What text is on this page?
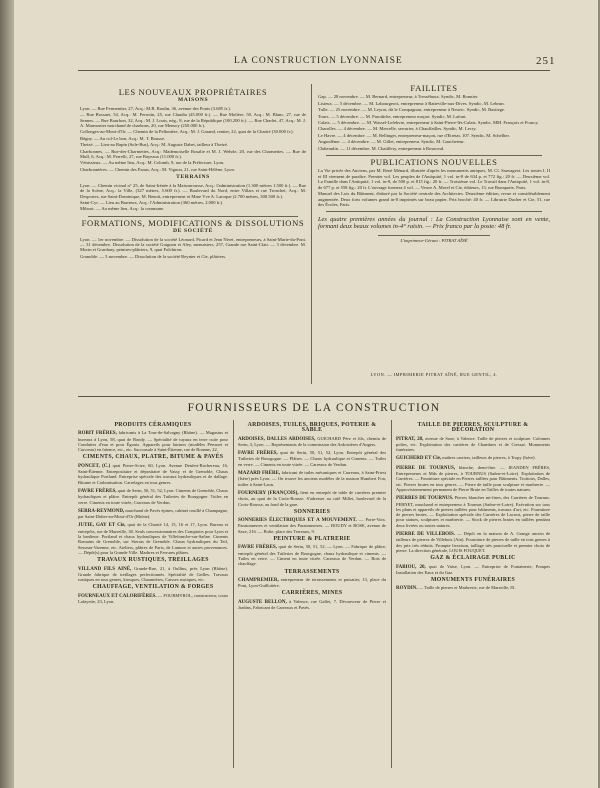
LA CONSTRUCTION LYONNAISE	251
LES NOUVEAUX PROPRIÉTAIRES
MAISONS
Lyon. — Rue Fermentier, 27, Acq.: M.B. Roulin, 36, avenue des Ponts (3.685 fr.).
— Rue Bossuet, 54, Acq.: M. Perrotin, 25, rue Claudia (45.000 fr.). — Rue Molière, 50, Acq.: M. Blanc, 27, rue de Sennes. — Rue Bourbon, 32, Acq.: M. J. Louis, nég., 8, rue de la République (100.200 fr.). — Rue Charlet, 47, Acq.: M. J. A. Marmonier marchand de charbons, 20, rue Mensoy (250.000 fr.).
Collonges-au-Mont-d'Or. — Chemin de la Pellonière, Acq.: M. J. Garand, rentier, 22, quai de la Charité (30.000 fr.).
Bégny. — Au col-Le bon, Acq.: M. T. Bousse.
Theizé. — Lieu-au Rapin (Sole-Bus), Acq.: M. Auguste Dabet, tailleur à Theizé.
Charbonnes. — Rue-des-Charmettes, Acq.: Mademoiselle Rosalie et M. J. Wehrle, 20, rue des Charmettes. — Rue de Mull, 6, Acq.: M. Perrelli, 27, rue Bayeaux (11.000 fr.).
Vénissieux. — Au même lieu, Acq.: M. Colomb, 9, rue de la Préfecture, Lyon.
Charbonnières. — Chemin des Esnus, Acq.: M. Vignon, 21, rue Saint-Hélène, Lyon.
TERRAINS
Lyon. — Chemin vicinal n° 25, de Saint-Irénée à la Maisonrousse, Acq.: l'administration (1.300 mètres 1.500 fr.). — Rue de la Scène, Acq.: la Ville, (327 mètres, 5.600 fr.). — Boulevard du Nord, entre Villars et rue Tronchet, Acq.: M. Desportes, rue Saint-Dominique, M. Benoit, entrepreneur et Mme Vve A. Laroque (2.700 mètres, 300.500 fr.).
Saint-Cyr. — Lieu au Barrieux, Acq.: l'Administration (360 mètres, 2.000 fr.).
Miboot. — Au même lieu, Acq.: la commune.
FORMATIONS, MODIFICATIONS & DISSOLUTIONS
DE SOCIÉTÉ
Lyon. — 1er novembre. — Dissolution de la société Léonard, Picard et Jean Nivet, entrepreneurs, à Saint-Marie-du-Pont. — 31 décembre. Dissolution de la société Guignon et Aley, menuisiers, 257, Grande rue Saint-Clair. — 3 décembre. M. Morin et Grardany, peintres-plâtriers, 9, quai Fulchiron.
Granoble. — 5 novembre. — Dissolution de la société Reynier et Cie, plâtriers.
FAILLITES
Gap. — 28 novembre. — M. Bernard, entrepreneur, à Tresséboux. Syndic, M. Bonnier.
Lisieux. — 5 décembre. — M. Labourgeois, entrepreneur à Batteville-aux-Dives. Syndic, M. Lebrun.
Tulle. — 25 novembre. — M. Leyrat, dit le Compagnon, entrepreneur à Neuvic. Syndic, M. Bastiege.
Tours. — 5 décembre. — M. Parodiche, entrepreneur maçon. Syndic, M. Lafont.
Calais. — 5 décembre. — M. Wassel-Lefebvre, entrepreneur à Saint-Pierre-lès-Calais. Syndic, MM. François et Fourcy.
Charolles. — 4 décembre. — M. Mercelle, serrurier, à Chauffailles. Syndic, M. Lecry.
Le Havre. — 4 décembre. — M. Bellinger, entrepreneur-maçon, rue d'Etretat, 107. Syndic, M. Schellier.
Angoulême. — 4 décembre. — M. Gillet, entrepreneur. Syndic, M. Gaucheteur.
Châteaulin. — 11 décembre. M. Chatillery, entrepreneur à Rosnoval.
PUBLICATIONS NOUVELLES
La Vie privée des Anciens, par M. René Ménard, illustrée d'après les monuments antiques, M. Cl. Sauvageot. Les tomes I, II et III viennent de paraître. Premier vol. Les peuples de l'Antiquité, 1 vol. in-8 de 634 p. et 772 fig.: 20 fr. — Deuxième vol. La Famille dans l'Antiquité, 1 vol. in-8, de 500 p. et 815 fig.: 20 fr. — Troisième vol. Le Travail dans l'Antiquité, 1 vol. in-8, de 677 p. et 558 fig.: 20 fr. L'ouvrage formera 4 vol. — Veuve A. Morel et Cie, éditeurs, 13, rue Bonaparte, Paris.
Manuel des Lois du Bâtiment, élaboré par la Société centrale des Architectes. Deuxième édition, revue et considérablement augmentée. Deux forts volumes grand in-8 imprimés sur beau papier. Prix broché: 40 fr. — Librairie Ducher et Cie, 51, rue des Écoles, Paris.
Les quatre premières années du journal : La Construction Lyonnaise sont en vente, formant deux beaux volumes in-4° raisin. — Prix franco par la poste: 48 fr.
L'imprimeur-Gérant : PITRAT AÎNÉ
LYON. — IMPRIMERIE PITRAT AÎNÉ, RUE GENTIL, 4.
FOURNISSEURS DE LA CONSTRUCTION
PRODUITS CÉRAMIQUES
ROBIT FRÈRES, fabricants à La Tour-de-Salvagny (Rhône). — Magasins et bureaux à Lyon, 58, quai de Bondy. — Spécialité de tuyaux en terre cuite pour Conduites d'eau et pour Égouts. Appareils pour latrines (modèles Pérusset et Carcreau) en faïence, etc., etc. Succursale à Saint-Étienne, rue de Roanne, 22.
CIMENTS, CHAUX, PLATRE, BITUME & PAVÉS
PONCET, (C.) quai Pierre-Scize, 60, Lyon. Avenue Denfert-Rochereau, 16, Saint-Étienne. Entrepositaire et dépositaire de Vassy et de Grenoble, Chaux hydraulique Portland. Entreprise spéciale des travaux hydrauliques et de dallage. Bitume et Carbonisation. Carrelages en tous genres.
FAVRE FRÈRES, quai de Serin, 50, 51, 52, Lyon. Ciments de Grenoble, Chaux hydrauliques et plâtre. Entrepôt général des Tuileries de Bourgogne. Tuiles en verre. Ciments en toute vitrée, Carreaux de Verdun.
SERRA-REYMOND, marchand de Pavés épines, cabinet rouillé à Champagne, par Saint-Didier-au-Mont-d'Or (Rhône).
JUTIE, GAY ET Cie, quai de la Charité 14, 15, 16 et 17, Lyon. Bureau et entrepôts, rue de Marseille, 30. Seuls concessionnaires des Comptoirs pour Lyon et la banlieue. Portland et chaux hydrauliques de Villefranche-sur-Saône. Ciments Romains de Grenoble, sur Sierras de Grenoble. Chaux hydrauliques du Teil, Sesseau-Varenne, etc. Ateliers, plâtres de Paris, de Lamure et autres provenances. — Dépôt(s) pour la Grande Ville. Marbres et Ferrures plâtres.
TRAVAUX RUSTIQUES, TREILLAGES
VILLAND FILS AINÉ, Grande-Rue, 21, à Oullins, près Lyon (Rhône). Grande fabrique de treillages perfectionnés. Spécialité de Grilles. Travaux rustiques en tous genres, kiosques, Chaumières, Caisses rustiques, etc.
CHAUFFAGE, VENTILATION & FORGES
FOURNEAUX ET CALORIFÈRES. — FOURMYROL, constructeur, cours Lafayette, 23, Lyon.
ARDOISES, TUILES, BRIQUES, POTERIE & SABLE
ARDOISES, DALLES ARDOISES, GUICHARD Père et fils, chemin de Serin, 3, Lyon. — Représentants de la commission des Ardoisières d'Angers.
FAVRE FRÈRES, quai de Serin, 50, 51, 52, Lyon. Entrepôt général des Tuileries de Bourgogne. — Plâtres. — Chaux hydraulique et Ciments. — Tuiles en verre. — Ciments en toute vitrée. — Carreaux de Verdun.
MAZARD FRÈRE, fabricant de tuiles mécaniques et Carreaux, à Saint-Priest (Isère) près Lyon. — On trouve les anciens modèles de la maison Humbert Fon, tuilier à Saint-Laon.
FOURNERY (FRANÇOIS), fient en entrepôt de table de carrières premier choix, au quai de la Croix-Rousse. S'adresser au café Millet, boulevard de la Croix-Rousse, au fond de la gare.
SONNERIES
SONNERIES ÉLECTRIQUES ET A MOUVEMENT. — Porte-Voix. Paratonnerres et ventilation des Paratonnerres. — BOUDY et BOSE, avenue de Saxe, 216. — Boîte, place des Terreaux, 9.
PEINTURE & PLATRERIE
FAVRE FRÈRES, quai de Serin, 50, 51, 52. — Lyon. — Fabrique de plâtre, entrepôt général des Tuileries de Bourgogne, chaux hydraulique et ciments. — Tuiles en verre. — Ciment en toute vitrée. Carreaux de Verdun. — Bois de chauffage.
TERRASSEMENTS
CHAMPREMIER, entrepreneur de terrassements et puisatier, 13, place du Pont, Lyon-Guillotière.
CARRIÈRES, MINES
AUGUSTE BELLON, à Valence, rue Gallet, 7. Découvreur de Pierre et Jardins, Fabricant de Carreaux et Pavés.
TAILLE DE PIERRES, SCULPTURE & DÉCORATION
PITRAT, 28, avenue de Saxe, à Valence. Taille de pierres et sculpture. Colonnes polies, etc. Exploitation des carrières de Chambres et de Cressat. Monuments funéraires.
GUICHERD ET Cie, maîtres carriers, tailleurs de pierres, à Tropy (Isère).
PIERRE DE TOURNUS, blanche, demi-fine. — JEANDEN FRÈRES, Entrepreneurs et Mds de pierres, à TOURNUS (Saône-et-Loire). Exploitation de Carrières. — Fourniture spéciale en Pierres taillées pour Bâtiments. Trottoirs, Dalles, etc. Pierres brutes en tous genres. — Pierre de taille pour sculpture et marbrerie. — Approvisionnement permanent de Pierre Brute en Tailles de toutes natures.
PIERRES DE TOURNUS. Pierres blanches mi-fines, des Carrières de Tournus. PERNET, marchand et entrepreneur à Tournus (Saône-et-Loire). Exécution sur tous les plans et appareils de pierres taillées pour bâtiments, travaux d'art, etc. Fourniture de pierres brutes. — Exploitation spéciale des Carrières de Lacrost, pierre de taille pour statues, sculptures et marbrerie. — Stock de pierres brutes en taillées pendant deux livrées ou toutes natures.
PIERRE DE VILLEBOIS. — Dépôt en la maison de A. Grange ancien de tailleurs de pierres de Villebois (Ain). Fourniture de pierres de taille en tous genres à des prix très réduits. Prompte livraison, taillage très ponctuelle et premier choix de pierre. La direction générale, LOUIS FOUQUET.
GAZ & ÉCLAIRAGE PUBLIC
FABIOU, 20, quai de Vaise, Lyon. — Entreprise de Fontainerie, Pompes Installation des Eaux et du Gaz.
MONUMENTS FUNÉRAIRES
ROYDIN. — Taille de pierres et Marbrerie, rue de Marseille, 81.
